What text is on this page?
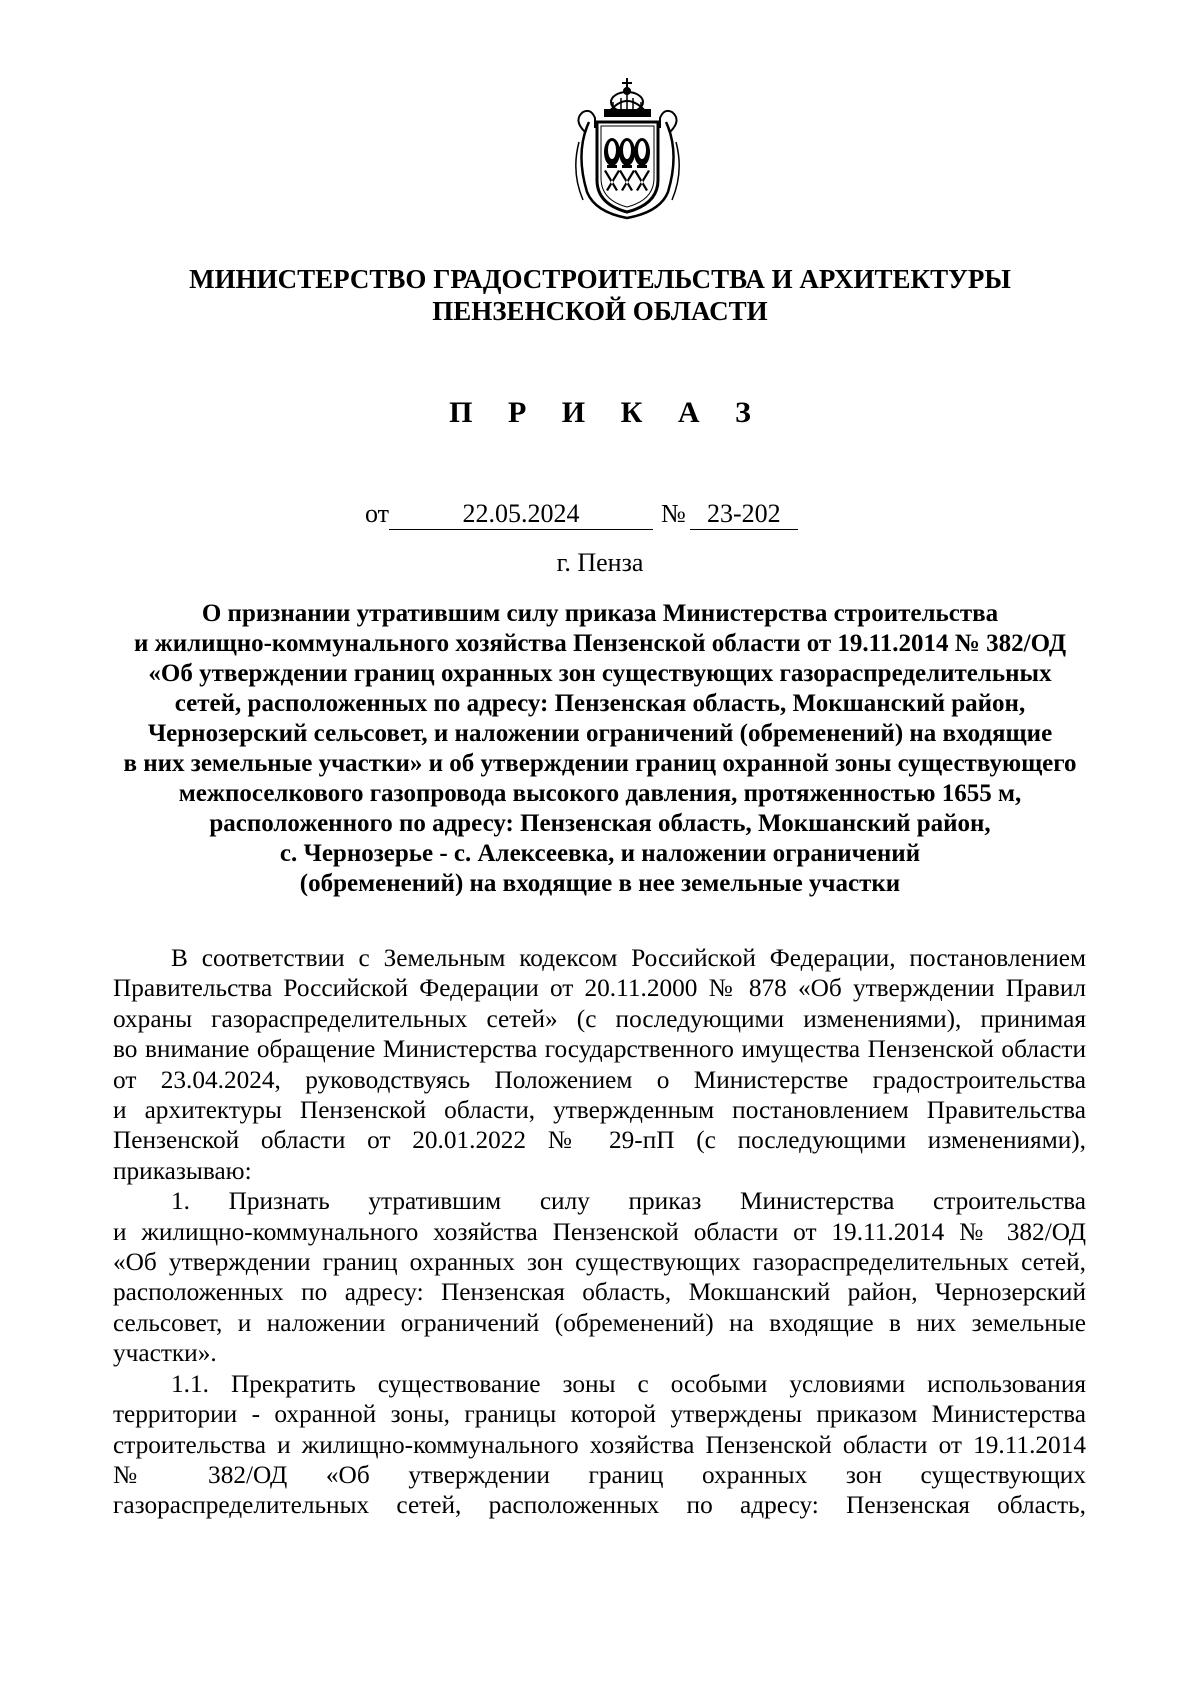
МИНИСТЕРСТВО ГРАДОСТРОИТЕЛЬСТВА И АРХИТЕКТУРЫ
ПЕНЗЕНСКОЙ ОБЛАСТИ
П Р И К А З
от	22.05.2024	№ 23-202
г. Пенза
О признании утратившим силу приказа Министерства строительства
и жилищно-коммунального хозяйства Пензенской области от 19.11.2014 № 382/ОД
«Об утверждении границ охранных зон существующих газораспределительных
сетей, расположенных по адресу: Пензенская область, Мокшанский район,
Чернозерский сельсовет, и наложении ограничений (обременений) на входящие
в них земельные участки» и об утверждении границ охранной зоны существующего
межпоселкового газопровода высокого давления, протяженностью 1655 м,
расположенного по адресу: Пензенская область, Мокшанский район,
с. Чернозерье - с. Алексеевка, и наложении ограничений
(обременений) на входящие в нее земельные участки
В соответствии с Земельным кодексом Российской Федерации, постановлением
Правительства Российской Федерации от 20.11.2000 № 878 «Об утверждении Правил
охраны газораспределительных сетей» (с последующими изменениями), принимая
во внимание обращение Министерства государственного имущества Пензенской области
от 23.04.2024, руководствуясь Положением о Министерстве градостроительства
и архитектуры Пензенской области, утвержденным постановлением Правительства
Пензенской области от 20.01.2022 № 29-пП (с последующими изменениями),
приказываю:
1. Признать утратившим силу приказ Министерства строительства
и жилищно-коммунального хозяйства Пензенской области от 19.11.2014 № 382/ОД
«Об утверждении границ охранных зон существующих газораспределительных сетей,
расположенных по адресу: Пензенская область, Мокшанский район, Чернозерский
сельсовет, и наложении ограничений (обременений) на входящие в них земельные
участки».
1.1. Прекратить существование зоны с особыми условиями использования
территории - охранной зоны, границы которой утверждены приказом Министерства
строительства и жилищно-коммунального хозяйства Пензенской области от 19.11.2014
№ 382/ОД «Об утверждении границ охранных зон существующих
газораспределительных сетей, расположенных по адресу: Пензенская область,
